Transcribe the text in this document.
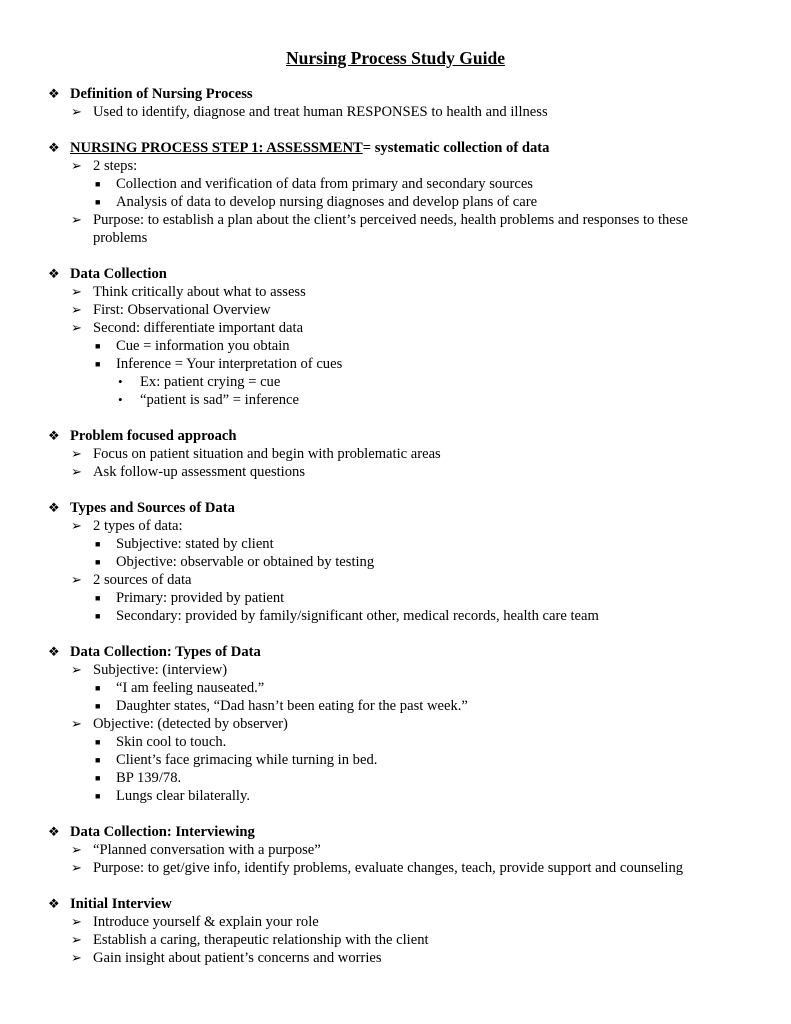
Nursing Process Study Guide
❖ Definition of Nursing Process
➢ Used to identify, diagnose and treat human RESPONSES to health and illness
❖ NURSING PROCESS STEP 1: ASSESSMENT= systematic collection of data
➢ 2 steps:
■ Collection and verification of data from primary and secondary sources
■ Analysis of data to develop nursing diagnoses and develop plans of care
➢ Purpose: to establish a plan about the client’s perceived needs, health problems and responses to these problems
❖ Data Collection
➢ Think critically about what to assess
➢ First: Observational Overview
➢ Second: differentiate important data
■ Cue = information you obtain
■ Inference = Your interpretation of cues
• Ex: patient crying = cue
• “patient is sad” = inference
❖ Problem focused approach
➢ Focus on patient situation and begin with problematic areas
➢ Ask follow-up assessment questions
❖ Types and Sources of Data
➢ 2 types of data:
■ Subjective: stated by client
■ Objective: observable or obtained by testing
➢ 2 sources of data
■ Primary: provided by patient
■ Secondary: provided by family/significant other, medical records, health care team
❖ Data Collection: Types of Data
➢ Subjective: (interview)
■ “I am feeling nauseated.”
■ Daughter states, “Dad hasn’t been eating for the past week.”
➢ Objective: (detected by observer)
■ Skin cool to touch.
■ Client’s face grimacing while turning in bed.
■ BP 139/78.
■ Lungs clear bilaterally.
❖ Data Collection: Interviewing
➢ “Planned conversation with a purpose”
➢ Purpose: to get/give info, identify problems, evaluate changes, teach, provide support and counseling
❖ Initial Interview
➢ Introduce yourself & explain your role
➢ Establish a caring, therapeutic relationship with the client
➢ Gain insight about patient’s concerns and worries
